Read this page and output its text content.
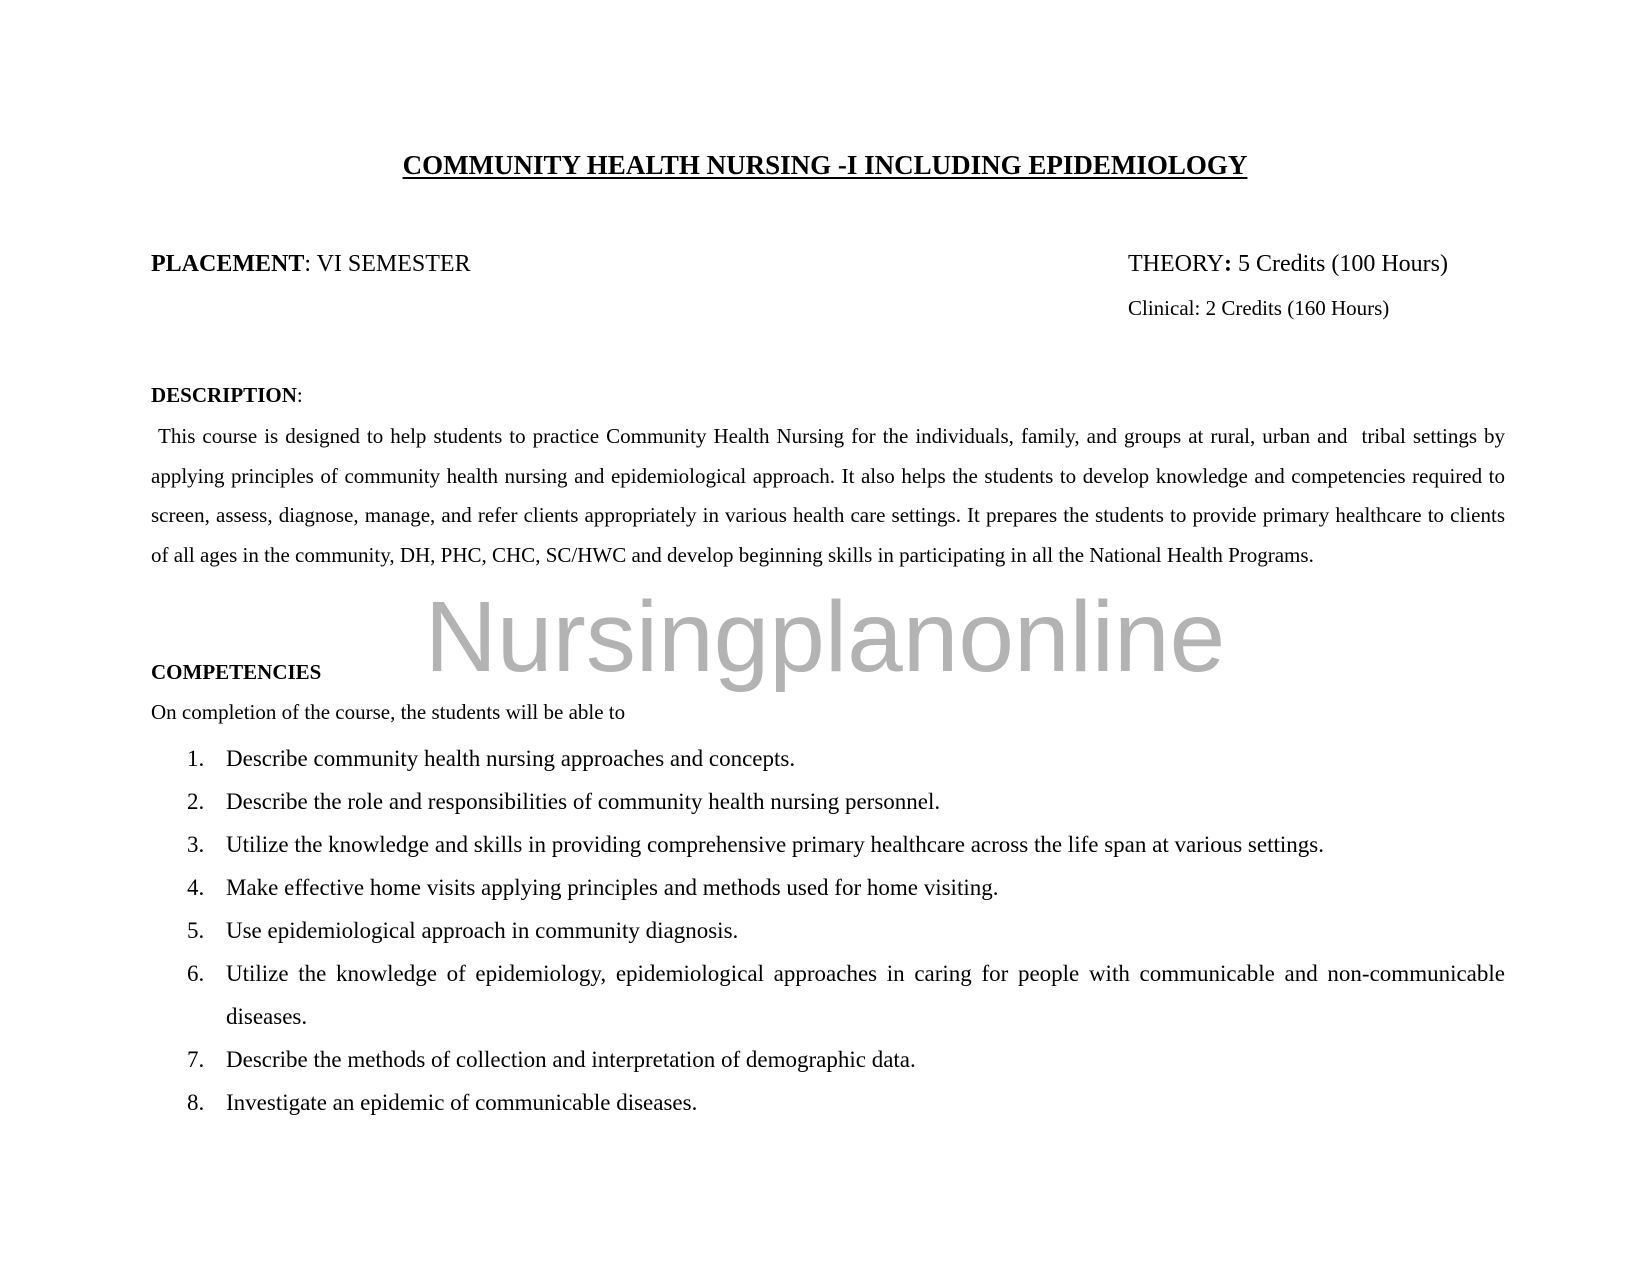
COMMUNITY HEALTH NURSING -I INCLUDING EPIDEMIOLOGY
PLACEMENT: VI SEMESTER	THEORY: 5 Credits (100 Hours)
Clinical: 2 Credits (160 Hours)
DESCRIPTION:
This course is designed to help students to practice Community Health Nursing for the individuals, family, and groups at rural, urban and  tribal settings by applying principles of community health nursing and epidemiological approach. It also helps the students to develop knowledge and competencies required to screen, assess, diagnose, manage, and refer clients appropriately in various health care settings. It prepares the students to provide primary healthcare to clients of all ages in the community, DH, PHC, CHC, SC/HWC and develop beginning skills in participating in all the National Health Programs.
COMPETENCIES
On completion of the course, the students will be able to
1. Describe community health nursing approaches and concepts.
2. Describe the role and responsibilities of community health nursing personnel.
3. Utilize the knowledge and skills in providing comprehensive primary healthcare across the life span at various settings.
4. Make effective home visits applying principles and methods used for home visiting.
5. Use epidemiological approach in community diagnosis.
6. Utilize the knowledge of epidemiology, epidemiological approaches in caring for people with communicable and non-communicable diseases.
7. Describe the methods of collection and interpretation of demographic data.
8. Investigate an epidemic of communicable diseases.
Nursingplanonline
